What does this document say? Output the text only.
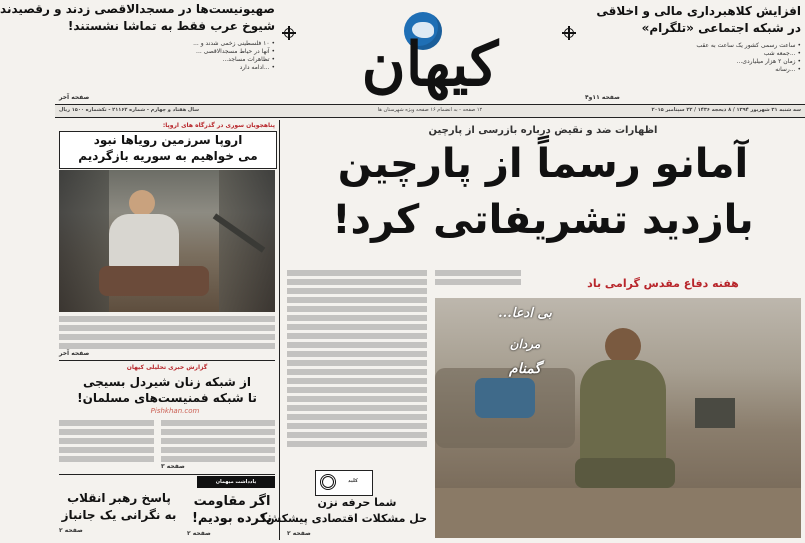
کیهان
صهیونیست‌ها در مسجدالاقصی زدند و رقصیدند
شیوخ عرب فقط به تماشا نشستند!
• ۱۰ فلسطینی زخمی شدند و ...
• آنها در حیاط مسجدالاقصی ...
• تظاهرات مساجد...
• ...ادامه دارد
صفحه آخر
افزایش کلاهبرداری مالی و اخلاقی
در شبکه اجتماعی «تلگرام»
• ساعت رسمی کشور یک ساعت به عقب
• ...جمعه شب
• زمان ۲ هزار میلیاردی...
• ...رسانه
صفحه ۱۱و۴
سه شنبه ۳۱ شهریور ۱۳۹۴ / ۸ ذیحجه ۱۴۳۶ / ۲۲ سپتامبر ۲۰۱۵
۱۲ صفحه - به انضمام ۱۶ صفحه ویژه شهرستان ها
سال هفتاد و چهارم - شماره ۲۱۱۶۲ - تکشماره ۱۵۰۰ ریال
پناهجویان سوری در گذرگاه های اروپا:
اروپا سرزمین رویاها نبود
می خواهیم به سوریه بازگردیم
صفحه آخر
گزارش خبری تحلیلی کیهان
از شبکه زنان شیردل بسیجی
تا شبکه فمنیست‌های مسلمان!
Pishkhan.com
صفحه ۳
یادداشت میهمان
پاسخ رهبر انقلاب
به نگرانی یک جانباز
صفحه ۲
اگر مقاومت
نکرده بودیم!
صفحه ۲
اظهارات ضد و نقیض درباره بازرسی از پارچین
آمانو رسماً از پارچین
بازدید تشریفاتی کرد!
هفته دفاع مقدس گرامی باد
بی ادعا...
مردان
گمنام
کلید
شما حرفه نزن
حل مشکلات اقتصادی پیشکش!
صفحه ۲
